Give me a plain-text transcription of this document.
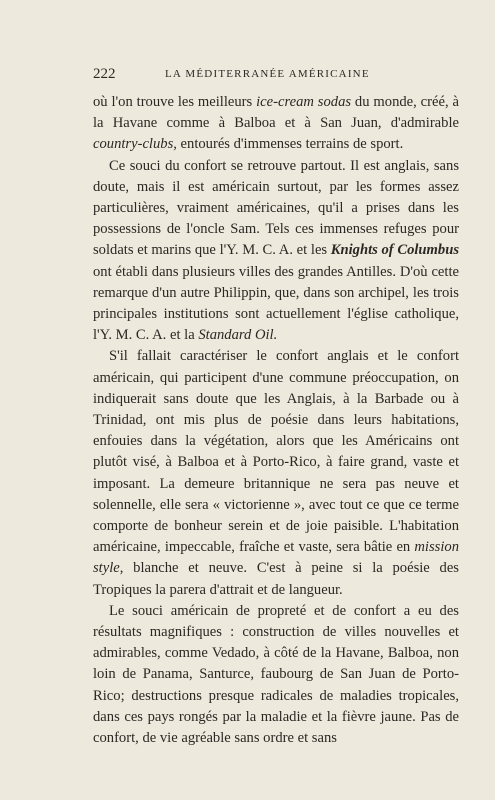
222	LA MÉDITERRANÉE AMÉRICAINE

où l'on trouve les meilleurs ice-cream sodas du monde, créé, à la Havane comme à Balboa et à San Juan, d'admirable country-clubs, entourés d'immenses terrains de sport.

Ce souci du confort se retrouve partout. Il est anglais, sans doute, mais il est américain surtout, par les formes assez particulières, vraiment américaines, qu'il a prises dans les possessions de l'oncle Sam. Tels ces immenses refuges pour soldats et marins que l'Y. M. C. A. et les Knights of Columbus ont établi dans plusieurs villes des grandes Antilles. D'où cette remarque d'un autre Philippin, que, dans son archipel, les trois principales institutions sont actuellement l'église catholique, l'Y. M. C. A. et la Standard Oil.

S'il fallait caractériser le confort anglais et le confort américain, qui participent d'une commune préoccupation, on indiquerait sans doute que les Anglais, à la Barbade ou à Trinidad, ont mis plus de poésie dans leurs habitations, enfouies dans la végétation, alors que les Américains ont plutôt visé, à Balboa et à Porto-Rico, à faire grand, vaste et imposant. La demeure britannique ne sera pas neuve et solennelle, elle sera « victorienne », avec tout ce que ce terme comporte de bonheur serein et de joie paisible. L'habitation américaine, impeccable, fraîche et vaste, sera bâtie en mission style, blanche et neuve. C'est à peine si la poésie des Tropiques la parera d'attrait et de langueur.

Le souci américain de propreté et de confort a eu des résultats magnifiques : construction de villes nouvelles et admirables, comme Vedado, à côté de la Havane, Balboa, non loin de Panama, Santurce, faubourg de San Juan de Porto-Rico; destructions presque radicales de maladies tropicales, dans ces pays rongés par la maladie et la fièvre jaune. Pas de confort, de vie agréable sans ordre et sans
